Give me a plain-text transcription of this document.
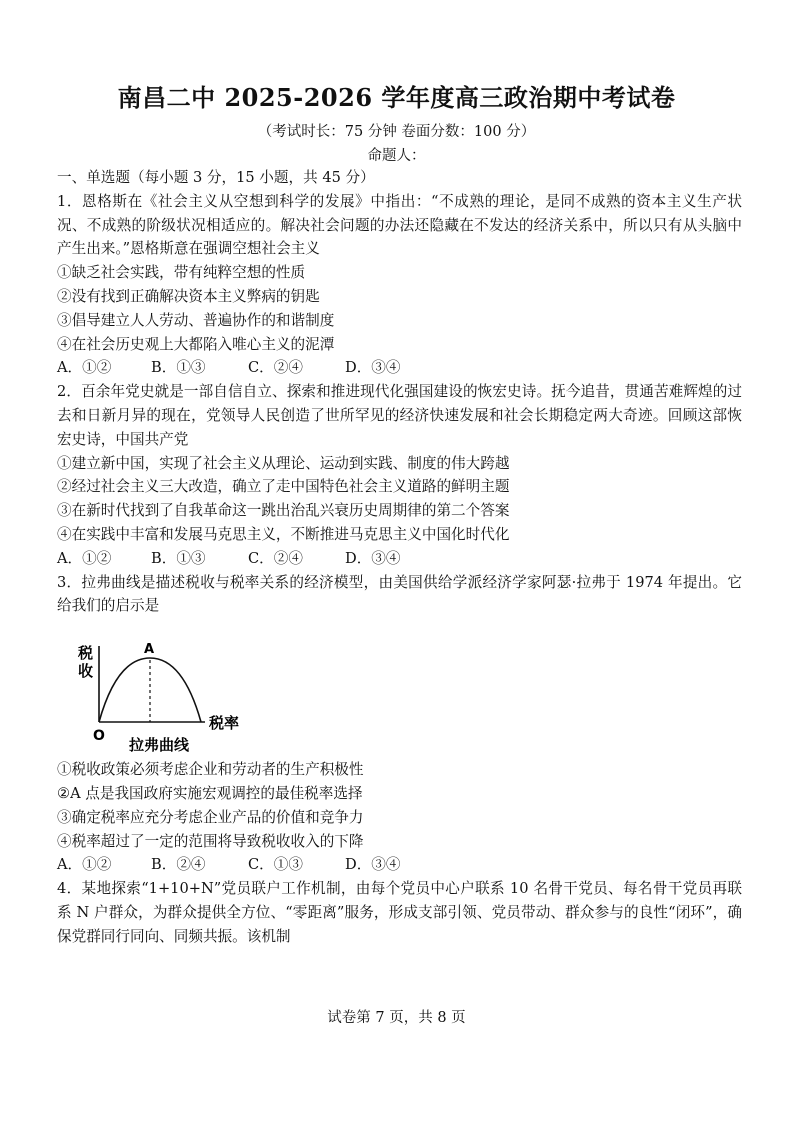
南昌二中 2025-2026 学年度高三政治期中考试卷
（考试时长：75 分钟 卷面分数：100 分）
命题人：
一、单选题（每小题 3 分，15 小题，共 45 分）
1．恩格斯在《社会主义从空想到科学的发展》中指出：“不成熟的理论，是同不成熟的资本主义生产状况、不成熟的阶级状况相适应的。解决社会问题的办法还隐藏在不发达的经济关系中，所以只有从头脑中产生出来。”恩格斯意在强调空想社会主义
①缺乏社会实践，带有纯粹空想的性质
②没有找到正确解决资本主义弊病的钥匙
③倡导建立人人劳动、普遍协作的和谐制度
④在社会历史观上大都陷入唯心主义的泥潭
A．①②	B．①③	C．②④	D．③④
2．百余年党史就是一部自信自立、探索和推进现代化强国建设的恢宏史诗。抚今追昔，贯通苦难辉煌的过去和日新月异的现在，党领导人民创造了世所罕见的经济快速发展和社会长期稳定两大奇迹。回顾这部恢宏史诗，中国共产党
①建立新中国，实现了社会主义从理论、运动到实践、制度的伟大跨越
②经过社会主义三大改造，确立了走中国特色社会主义道路的鲜明主题
③在新时代找到了自我革命这一跳出治乱兴衰历史周期律的第二个答案
④在实践中丰富和发展马克思主义，不断推进马克思主义中国化时代化
A．①②	B．①③	C．②④	D．③④
3．拉弗曲线是描述税收与税率关系的经济模型，由美国供给学派经济学家阿瑟·拉弗于 1974 年提出。它给我们的启示是
A
O
税率
拉弗曲线
税
收
①税收政策必须考虑企业和劳动者的生产积极性
②A 点是我国政府实施宏观调控的最佳税率选择
③确定税率应充分考虑企业产品的价值和竞争力
④税率超过了一定的范围将导致税收收入的下降
A．①②	B．②④	C．①③	D．③④
4．某地探索“1+10+N”党员联户工作机制，由每个党员中心户联系 10 名骨干党员、每名骨干党员再联系 N 户群众，为群众提供全方位、“零距离”服务，形成支部引领、党员带动、群众参与的良性“闭环”，确保党群同行同向、同频共振。该机制
试卷第 7 页，共 8 页
